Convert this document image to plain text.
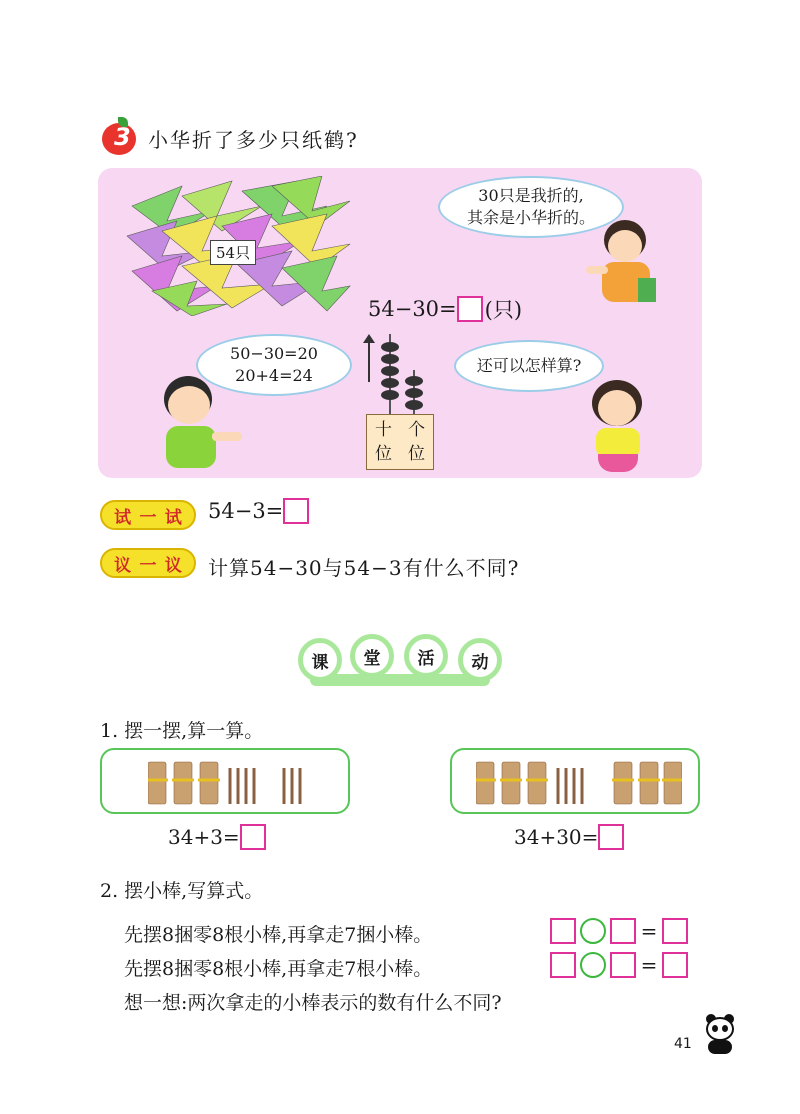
3 小华折了多少只纸鹤?
54只
30只是我折的,
其余是小华折的。
54−30= (只)
50−30=20
20+4=24
十
位
个
位
还可以怎样算?
试 一 试 54−3=
议 一 议 计算54−30与54−3有什么不同?
课 堂 活 动
1. 摆一摆,算一算。
34+3=	34+30=
2. 摆小棒,写算式。
先摆8捆零8根小棒,再拿走7捆小棒。	=
先摆8捆零8根小棒,再拿走7根小棒。	=
想一想:两次拿走的小棒表示的数有什么不同?
41
